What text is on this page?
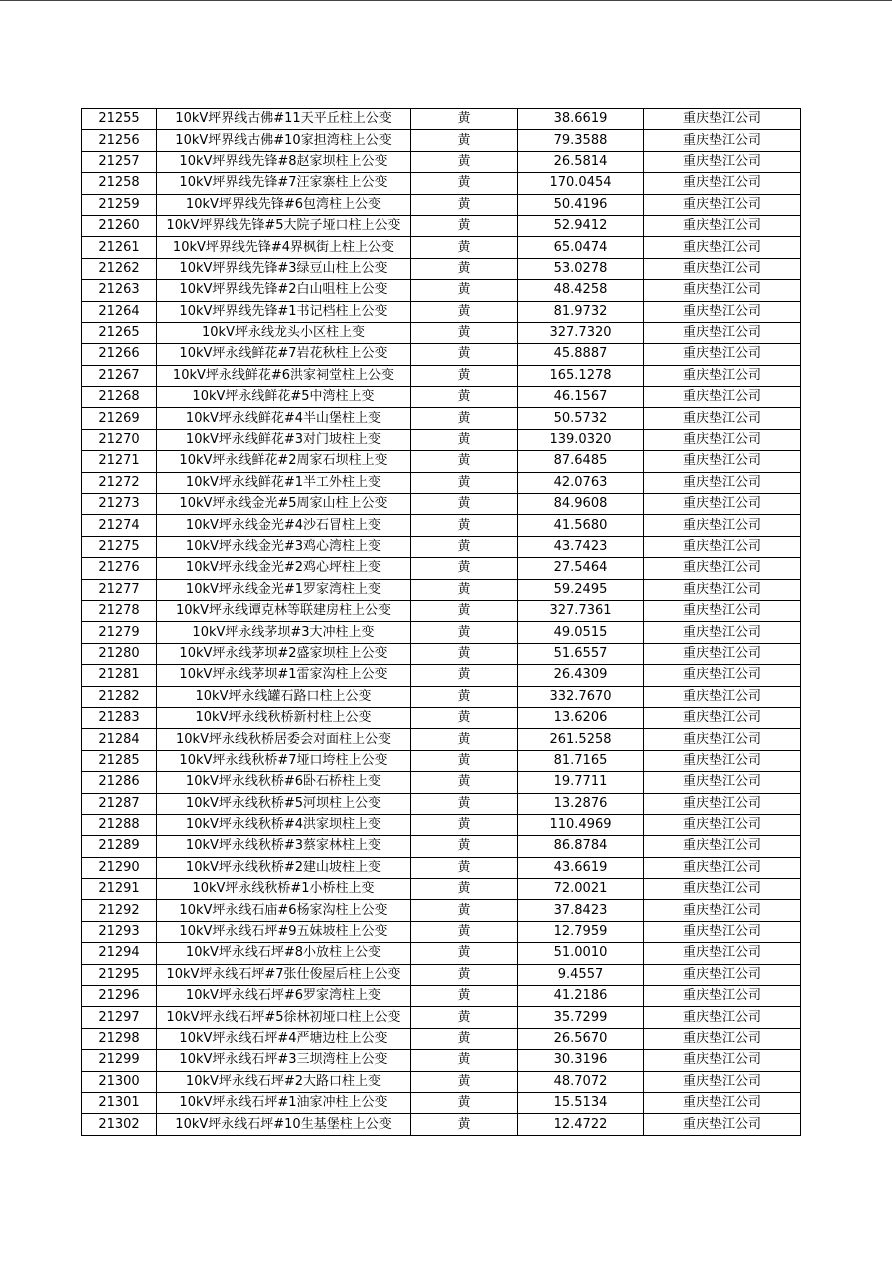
21255	10kV坪界线古佛#11天平丘柱上公变	黄	38.6619	重庆垫江公司
21256	10kV坪界线古佛#10家担湾柱上公变	黄	79.3588	重庆垫江公司
21257	10kV坪界线先锋#8赵家坝柱上公变	黄	26.5814	重庆垫江公司
21258	10kV坪界线先锋#7汪家寨柱上公变	黄	170.0454	重庆垫江公司
21259	10kV坪界线先锋#6包湾柱上公变	黄	50.4196	重庆垫江公司
21260	10kV坪界线先锋#5大院子垭口柱上公变	黄	52.9412	重庆垫江公司
21261	10kV坪界线先锋#4界枫街上柱上公变	黄	65.0474	重庆垫江公司
21262	10kV坪界线先锋#3绿豆山柱上公变	黄	53.0278	重庆垫江公司
21263	10kV坪界线先锋#2白山咀柱上公变	黄	48.4258	重庆垫江公司
21264	10kV坪界线先锋#1书记档柱上公变	黄	81.9732	重庆垫江公司
21265	10kV坪永线龙头小区柱上变	黄	327.7320	重庆垫江公司
21266	10kV坪永线鲜花#7岩花秋柱上公变	黄	45.8887	重庆垫江公司
21267	10kV坪永线鲜花#6洪家祠堂柱上公变	黄	165.1278	重庆垫江公司
21268	10kV坪永线鲜花#5中湾柱上变	黄	46.1567	重庆垫江公司
21269	10kV坪永线鲜花#4半山堡柱上变	黄	50.5732	重庆垫江公司
21270	10kV坪永线鲜花#3对门坡柱上变	黄	139.0320	重庆垫江公司
21271	10kV坪永线鲜花#2周家石坝柱上变	黄	87.6485	重庆垫江公司
21272	10kV坪永线鲜花#1半工外柱上变	黄	42.0763	重庆垫江公司
21273	10kV坪永线金光#5周家山柱上公变	黄	84.9608	重庆垫江公司
21274	10kV坪永线金光#4沙石冒柱上变	黄	41.5680	重庆垫江公司
21275	10kV坪永线金光#3鸡心湾柱上变	黄	43.7423	重庆垫江公司
21276	10kV坪永线金光#2鸡心坪柱上变	黄	27.5464	重庆垫江公司
21277	10kV坪永线金光#1罗家湾柱上变	黄	59.2495	重庆垫江公司
21278	10kV坪永线谭克林等联建房柱上公变	黄	327.7361	重庆垫江公司
21279	10kV坪永线茅坝#3大冲柱上变	黄	49.0515	重庆垫江公司
21280	10kV坪永线茅坝#2盛家坝柱上公变	黄	51.6557	重庆垫江公司
21281	10kV坪永线茅坝#1雷家沟柱上公变	黄	26.4309	重庆垫江公司
21282	10kV坪永线罐石路口柱上公变	黄	332.7670	重庆垫江公司
21283	10kV坪永线秋桥新村柱上公变	黄	13.6206	重庆垫江公司
21284	10kV坪永线秋桥居委会对面柱上公变	黄	261.5258	重庆垫江公司
21285	10kV坪永线秋桥#7垭口垮柱上公变	黄	81.7165	重庆垫江公司
21286	10kV坪永线秋桥#6卧石桥柱上变	黄	19.7711	重庆垫江公司
21287	10kV坪永线秋桥#5河坝柱上公变	黄	13.2876	重庆垫江公司
21288	10kV坪永线秋桥#4洪家坝柱上变	黄	110.4969	重庆垫江公司
21289	10kV坪永线秋桥#3蔡家林柱上变	黄	86.8784	重庆垫江公司
21290	10kV坪永线秋桥#2建山坡柱上变	黄	43.6619	重庆垫江公司
21291	10kV坪永线秋桥#1小桥柱上变	黄	72.0021	重庆垫江公司
21292	10kV坪永线石庙#6杨家沟柱上公变	黄	37.8423	重庆垫江公司
21293	10kV坪永线石坪#9五妹坡柱上公变	黄	12.7959	重庆垫江公司
21294	10kV坪永线石坪#8小放柱上公变	黄	51.0010	重庆垫江公司
21295	10kV坪永线石坪#7张仕俊屋后柱上公变	黄	9.4557	重庆垫江公司
21296	10kV坪永线石坪#6罗家湾柱上变	黄	41.2186	重庆垫江公司
21297	10kV坪永线石坪#5徐林初垭口柱上公变	黄	35.7299	重庆垫江公司
21298	10kV坪永线石坪#4严塘边柱上公变	黄	26.5670	重庆垫江公司
21299	10kV坪永线石坪#3三坝湾柱上公变	黄	30.3196	重庆垫江公司
21300	10kV坪永线石坪#2大路口柱上变	黄	48.7072	重庆垫江公司
21301	10kV坪永线石坪#1油家冲柱上公变	黄	15.5134	重庆垫江公司
21302	10kV坪永线石坪#10生基堡柱上公变	黄	12.4722	重庆垫江公司
